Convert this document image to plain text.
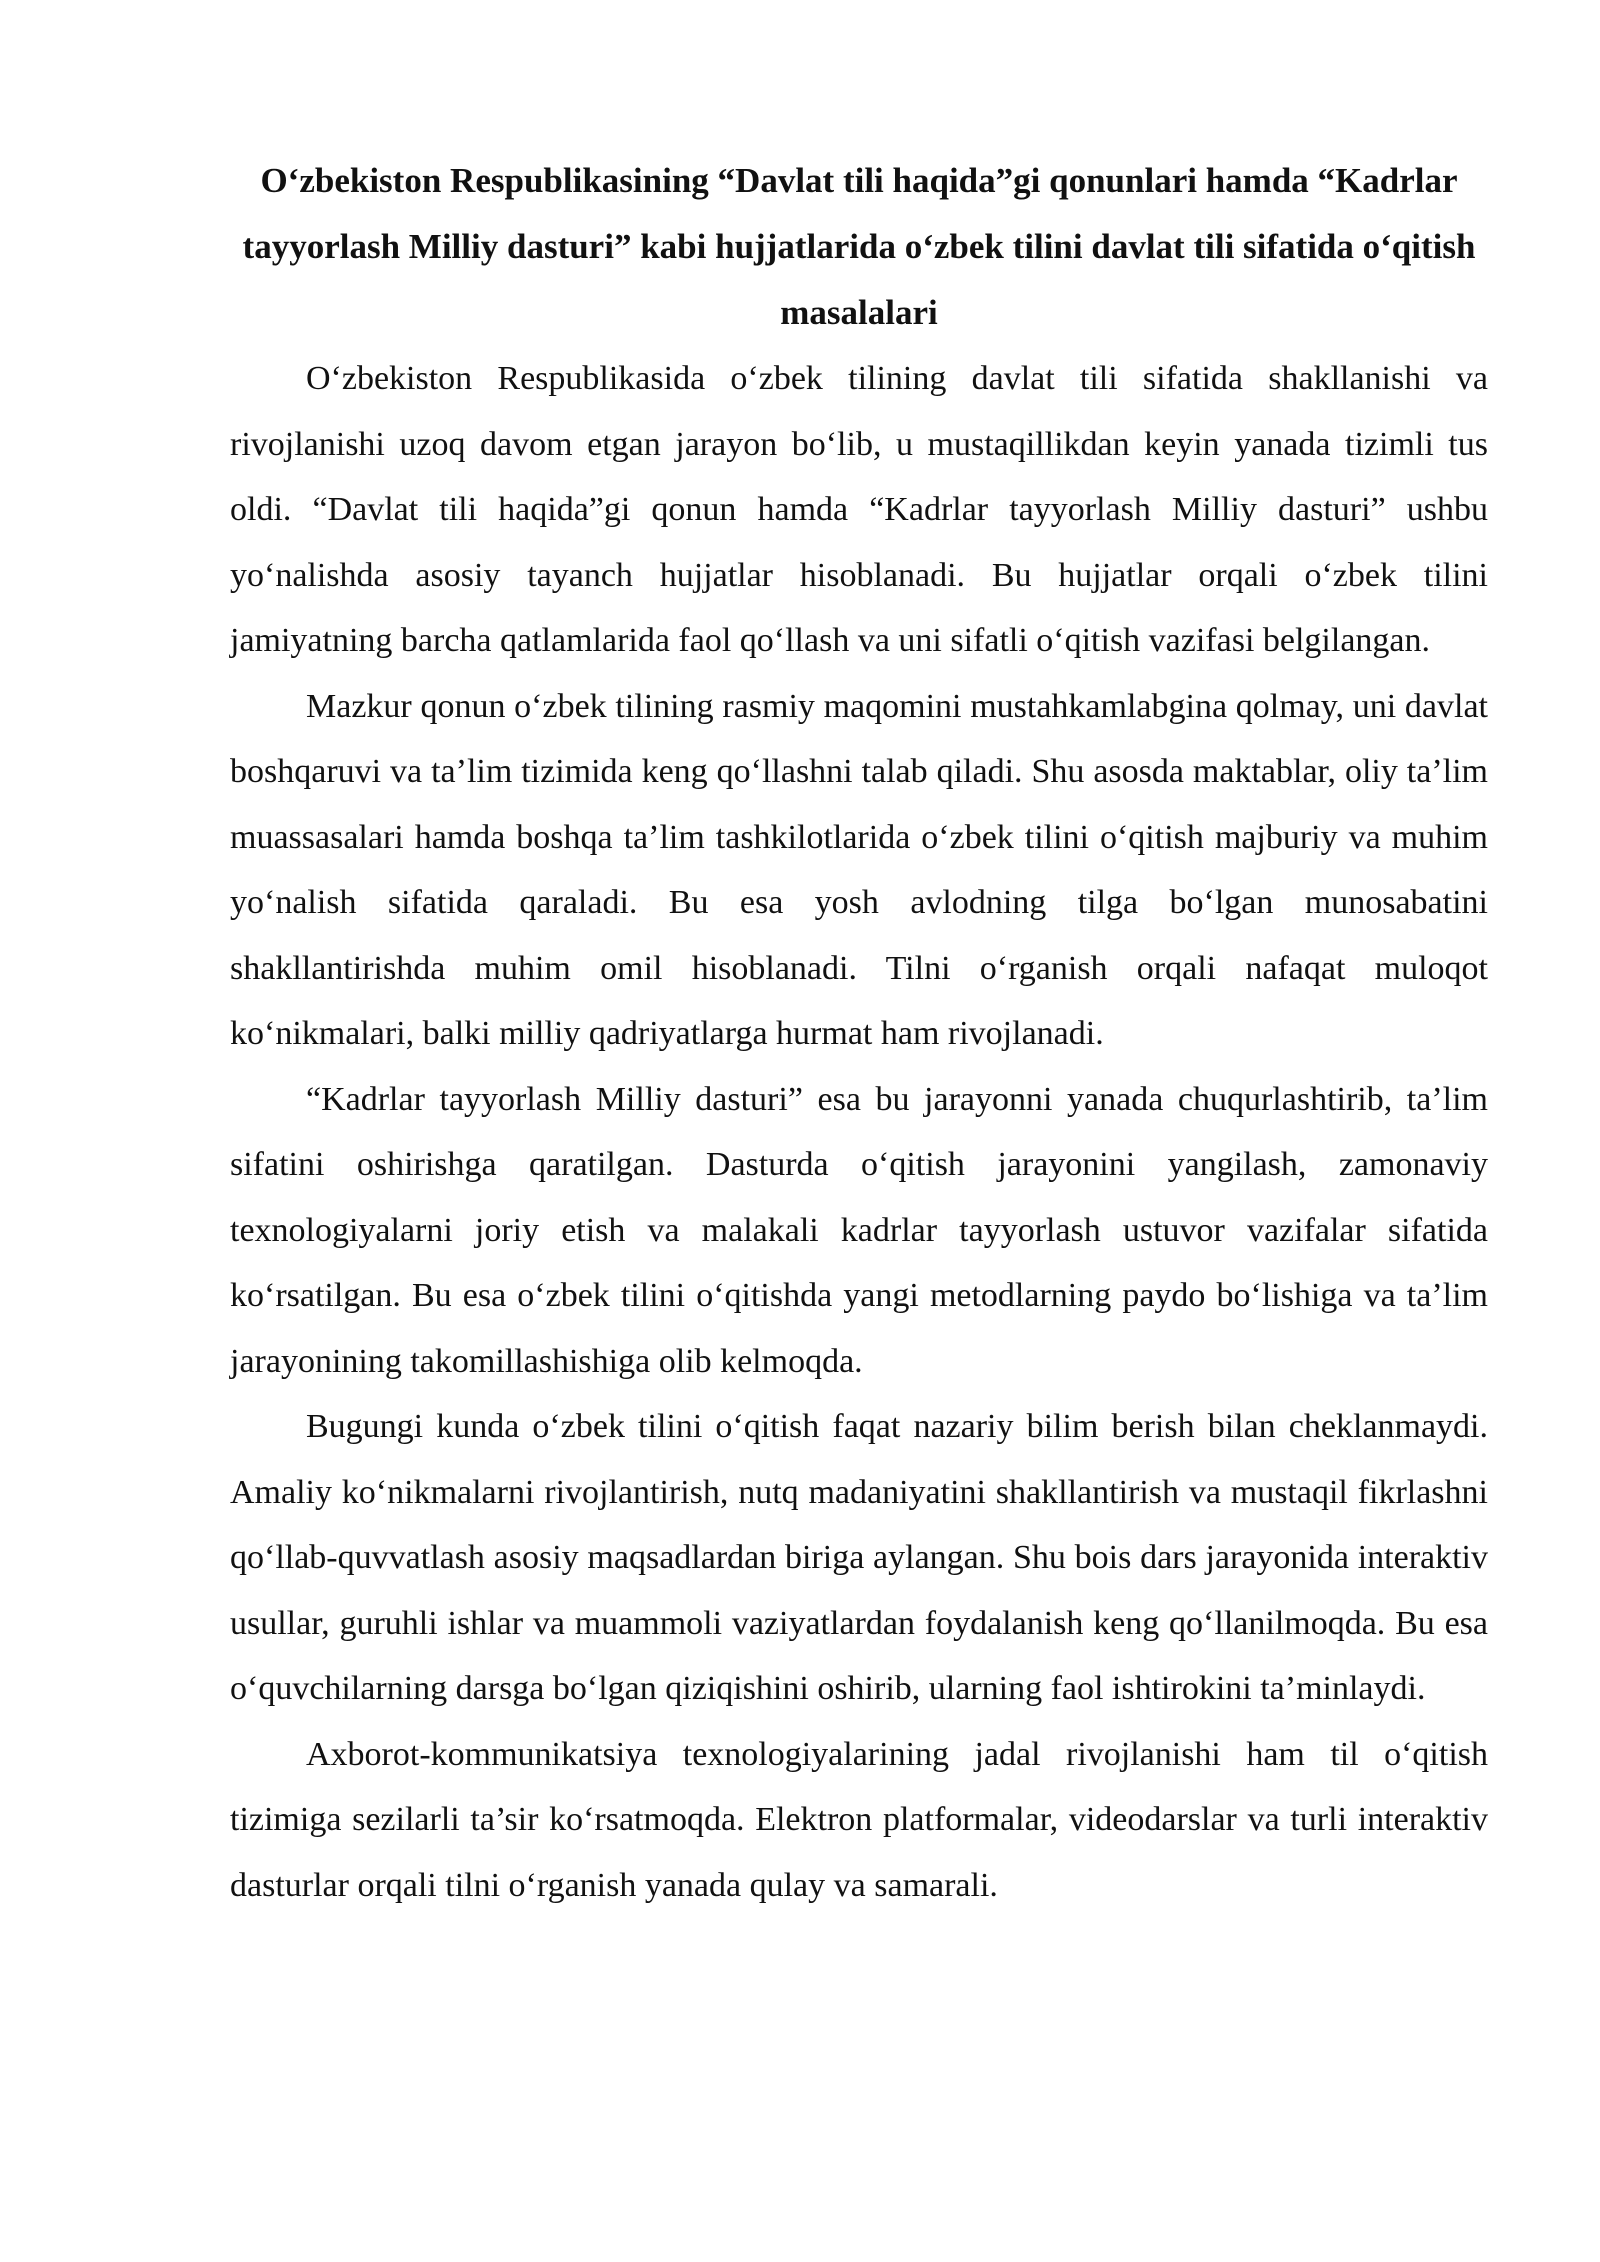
O‘zbekiston Respublikasining “Davlat tili haqida”gi qonunlari hamda “Kadrlar tayyorlash Milliy dasturi” kabi hujjatlarida o‘zbek tilini davlat tili sifatida o‘qitish masalalari

O‘zbekiston Respublikasida o‘zbek tilining davlat tili sifatida shakllanishi va rivojlanishi uzoq davom etgan jarayon bo‘lib, u mustaqillikdan keyin yanada tizimli tus oldi. “Davlat tili haqida”gi qonun hamda “Kadrlar tayyorlash Milliy dasturi” ushbu yo‘nalishda asosiy tayanch hujjatlar hisoblanadi. Bu hujjatlar orqali o‘zbek tilini jamiyatning barcha qatlamlarida faol qo‘llash va uni sifatli o‘qitish vazifasi belgilangan.

Mazkur qonun o‘zbek tilining rasmiy maqomini mustahkamlabgina qolmay, uni davlat boshqaruvi va ta’lim tizimida keng qo‘llashni talab qiladi. Shu asosda maktablar, oliy ta’lim muassasalari hamda boshqa ta’lim tashkilotlarida o‘zbek tilini o‘qitish majburiy va muhim yo‘nalish sifatida qaraladi. Bu esa yosh avlodning tilga bo‘lgan munosabatini shakllantirishda muhim omil hisoblanadi. Tilni o‘rganish orqali nafaqat muloqot ko‘nikmalari, balki milliy qadriyatlarga hurmat ham rivojlanadi.

“Kadrlar tayyorlash Milliy dasturi” esa bu jarayonni yanada chuqurlashtirib, ta’lim sifatini oshirishga qaratilgan. Dasturda o‘qitish jarayonini yangilash, zamonaviy texnologiyalarni joriy etish va malakali kadrlar tayyorlash ustuvor vazifalar sifatida ko‘rsatilgan. Bu esa o‘zbek tilini o‘qitishda yangi metodlarning paydo bo‘lishiga va ta’lim jarayonining takomillashishiga olib kelmoqda.

Bugungi kunda o‘zbek tilini o‘qitish faqat nazariy bilim berish bilan cheklanmaydi. Amaliy ko‘nikmalarni rivojlantirish, nutq madaniyatini shakllantirish va mustaqil fikrlashni qo‘llab-quvvatlash asosiy maqsadlardan biriga aylangan. Shu bois dars jarayonida interaktiv usullar, guruhli ishlar va muammoli vaziyatlardan foydalanish keng qo‘llanilmoqda. Bu esa o‘quvchilarning darsga bo‘lgan qiziqishini oshirib, ularning faol ishtirokini ta’minlaydi.

Axborot-kommunikatsiya texnologiyalarining jadal rivojlanishi ham til o‘qitish tizimiga sezilarli ta’sir ko‘rsatmoqda. Elektron platformalar, videodarslar va turli interaktiv dasturlar orqali tilni o‘rganish yanada qulay va samarali.
